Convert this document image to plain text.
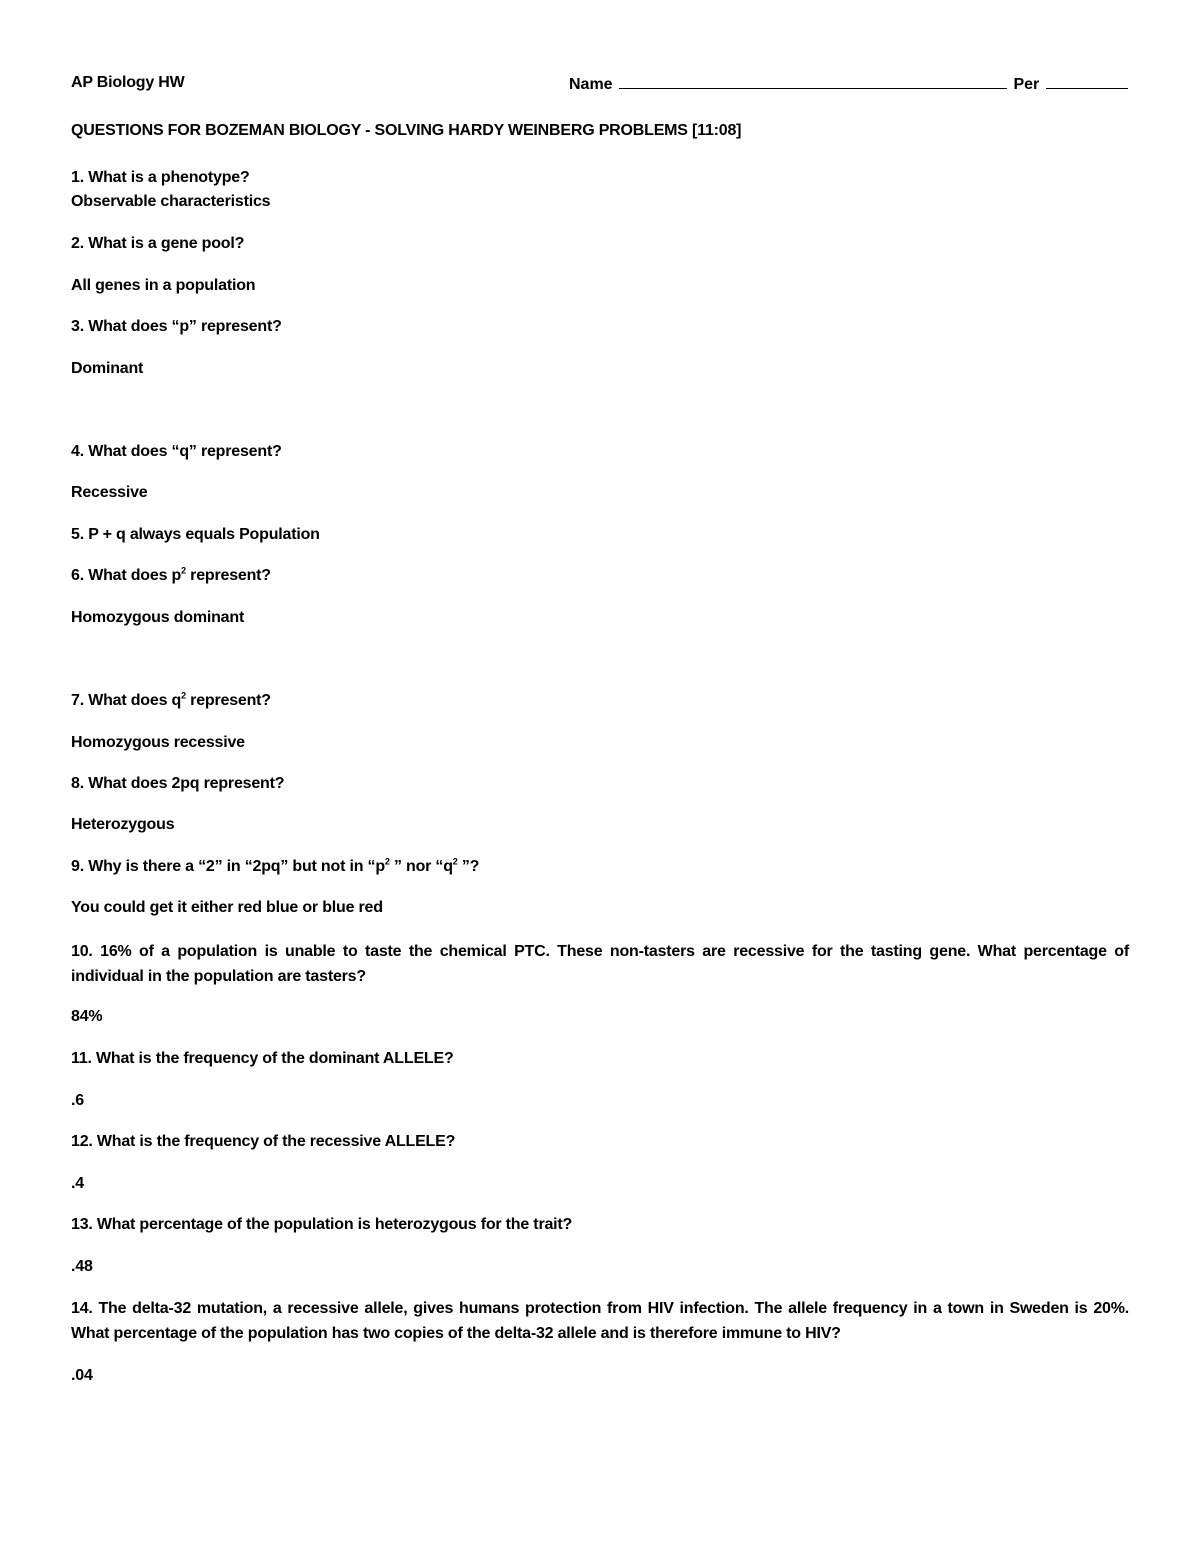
AP Biology HW	Name	Per
QUESTIONS FOR BOZEMAN BIOLOGY - SOLVING HARDY WEINBERG PROBLEMS [11:08]
1. What is a phenotype?
Observable characteristics
2. What is a gene pool?
All genes in a population
3. What does “p” represent?
Dominant
4. What does “q” represent?
Recessive
5. P + q always equals Population
6. What does $p^2$ represent?
Homozygous dominant
7. What does $q^2$ represent?
Homozygous recessive
8. What does 2pq represent?
Heterozygous
9. Why is there a “2” in “2pq” but not in “$p^2$ ” nor “$q^2$ ”?
You could get it either red blue or blue red
10. 16% of a population is unable to taste the chemical PTC. These non-tasters are recessive for the tasting gene. What percentage of individual in the population are tasters?
84%
11. What is the frequency of the dominant ALLELE?
.6
12. What is the frequency of the recessive ALLELE?
.4
13. What percentage of the population is heterozygous for the trait?
.48
14. The delta-32 mutation, a recessive allele, gives humans protection from HIV infection. The allele frequency in a town in Sweden is 20%. What percentage of the population has two copies of the delta-32 allele and is therefore immune to HIV?
.04
